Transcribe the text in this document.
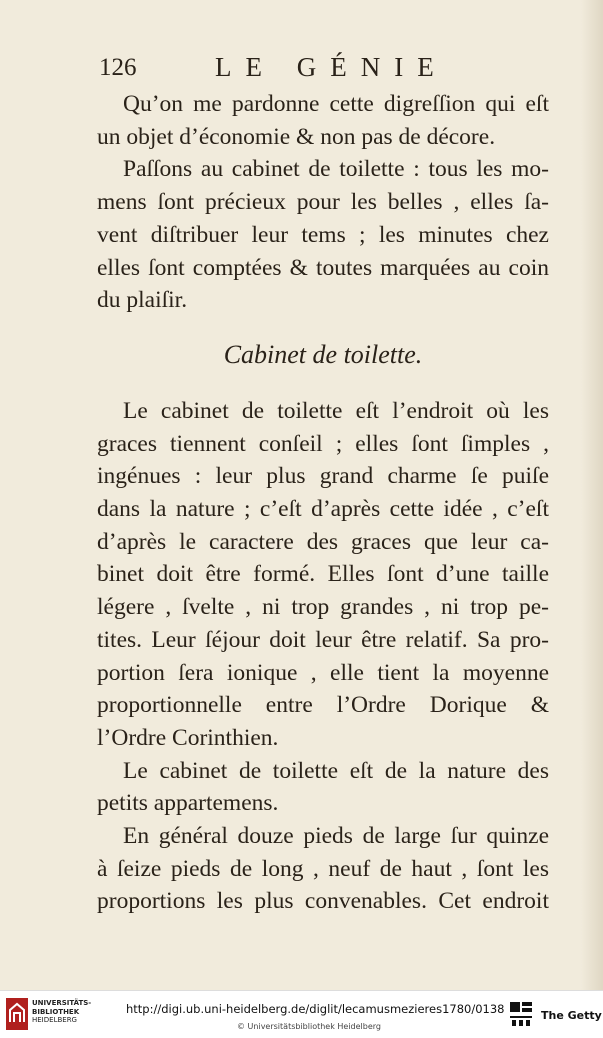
126	LE GÉNIE

Qu’on me pardonne cette digreſſion qui eſt

un objet d’économie & non pas de décore.

Paſſons au cabinet de toilette : tous les mo-

mens ſont précieux pour les belles , elles ſa-

vent diſtribuer leur tems ; les minutes chez

elles ſont comptées & toutes marquées au coin

du plaiſir.

Cabinet de toilette.

Le cabinet de toilette eſt l’endroit où les

graces tiennent conſeil ; elles ſont ſimples ,

ingénues : leur plus grand charme ſe puiſe

dans la nature ; c’eſt d’après cette idée , c’eſt

d’après le caractere des graces que leur ca-

binet doit être formé. Elles ſont d’une taille

légere , ſvelte , ni trop grandes , ni trop pe-

tites. Leur ſéjour doit leur être relatif. Sa pro-

portion ſera ionique , elle tient la moyenne

proportionnelle entre l’Ordre Dorique &

l’Ordre Corinthien.

Le cabinet de toilette eſt de la nature des

petits appartemens.

En général douze pieds de large ſur quinze

à ſeize pieds de long , neuf de haut , ſont les

proportions les plus convenables. Cet endroit

UNIVERSITÄTS-
BIBLIOTHEK
HEIDELBERG
http://digi.ub.uni-heidelberg.de/diglit/lecamusmezieres1780/0138
© Universitätsbibliothek Heidelberg
The Getty
